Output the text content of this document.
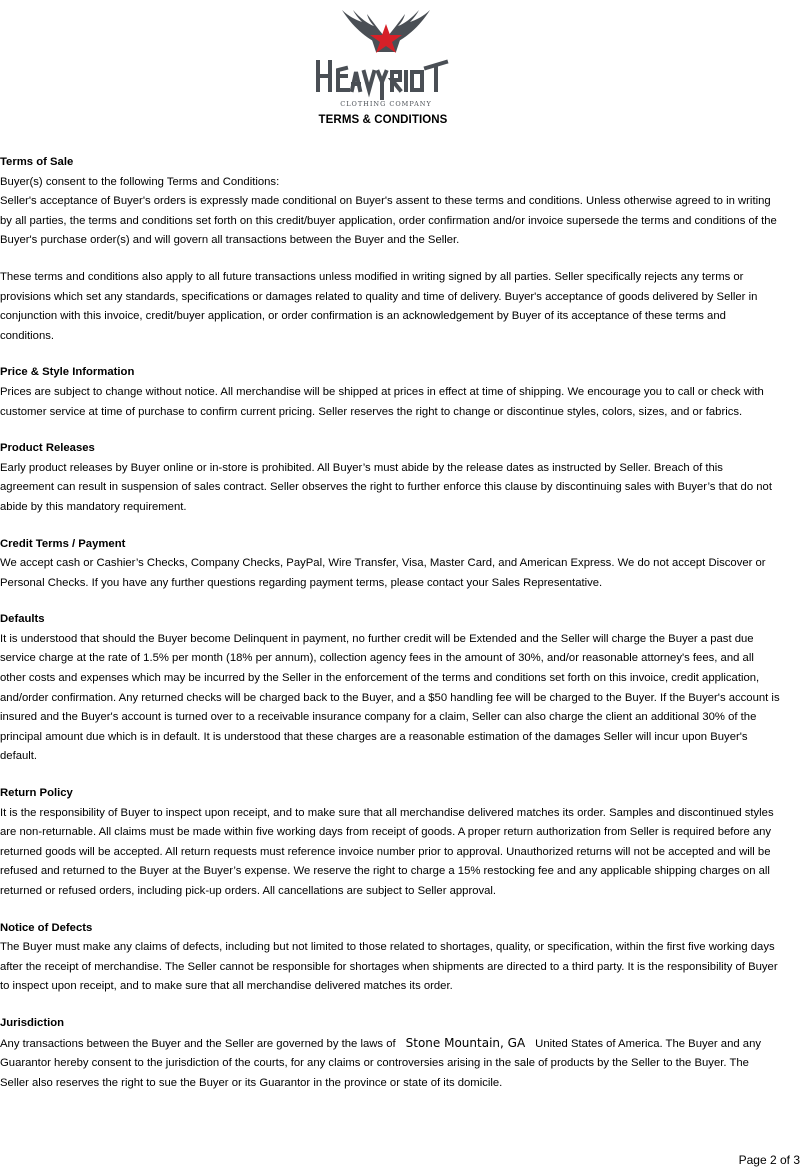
CLOTHING COMPANY
TERMS & CONDITIONS
Terms of Sale

Buyer(s) consent to the following Terms and Conditions:
Seller's acceptance of Buyer's orders is expressly made conditional on Buyer's assent to these terms and conditions. Unless otherwise agreed to in writing by all parties, the terms and conditions set forth on this credit/buyer application, order confirmation and/or invoice supersede the terms and conditions of the Buyer's purchase order(s) and will govern all transactions between the Buyer and the Seller.

These terms and conditions also apply to all future transactions unless modified in writing signed by all parties. Seller specifically rejects any terms or provisions which set any standards, specifications or damages related to quality and time of delivery. Buyer's acceptance of goods delivered by Seller in conjunction with this invoice, credit/buyer application, or order confirmation is an acknowledgement by Buyer of its acceptance of these terms and conditions.

Price & Style Information

Prices are subject to change without notice. All merchandise will be shipped at prices in effect at time of shipping. We encourage you to call or check with customer service at time of purchase to confirm current pricing. Seller reserves the right to change or discontinue styles, colors, sizes, and or fabrics.

Product Releases

Early product releases by Buyer online or in-store is prohibited. All Buyer’s must abide by the release dates as instructed by Seller. Breach of this agreement can result in suspension of sales contract. Seller observes the right to further enforce this clause by discontinuing sales with Buyer’s that do not abide by this mandatory requirement.

Credit Terms / Payment

We accept cash or Cashier’s Checks, Company Checks, PayPal, Wire Transfer, Visa, Master Card, and American Express. We do not accept Discover or Personal Checks. If you have any further questions regarding payment terms, please contact your Sales Representative.

Defaults

It is understood that should the Buyer become Delinquent in payment, no further credit will be Extended and the Seller will charge the Buyer a past due service charge at the rate of 1.5% per month (18% per annum), collection agency fees in the amount of 30%, and/or reasonable attorney's fees, and all other costs and expenses which may be incurred by the Seller in the enforcement of the terms and conditions set forth on this invoice, credit application, and/order confirmation. Any returned checks will be charged back to the Buyer, and a $50 handling fee will be charged to the Buyer. If the Buyer's account is insured and the Buyer's account is turned over to a receivable insurance company for a claim, Seller can also charge the client an additional 30% of the principal amount due which is in default. It is understood that these charges are a reasonable estimation of the damages Seller will incur upon Buyer's default.

Return Policy

It is the responsibility of Buyer to inspect upon receipt, and to make sure that all merchandise delivered matches its order. Samples and discontinued styles are non-returnable. All claims must be made within five working days from receipt of goods. A proper return authorization from Seller is required before any returned goods will be accepted. All return requests must reference invoice number prior to approval. Unauthorized returns will not be accepted and will be refused and returned to the Buyer at the Buyer’s expense. We reserve the right to charge a 15% restocking fee and any applicable shipping charges on all returned or refused orders, including pick-up orders. All cancellations are subject to Seller approval.

Notice of Defects

The Buyer must make any claims of defects, including but not limited to those related to shortages, quality, or specification, within the first five working days after the receipt of merchandise. The Seller cannot be responsible for shortages when shipments are directed to a third party. It is the responsibility of Buyer to inspect upon receipt, and to make sure that all merchandise delivered matches its order.

Jurisdiction

Any transactions between the Buyer and the Seller are governed by the laws of Stone Mountain, GA United States of America. The Buyer and any Guarantor hereby consent to the jurisdiction of the courts, for any claims or controversies arising in the sale of products by the Seller to the Buyer. The Seller also reserves the right to sue the Buyer or its Guarantor in the province or state of its domicile.

Page 2 of 3
